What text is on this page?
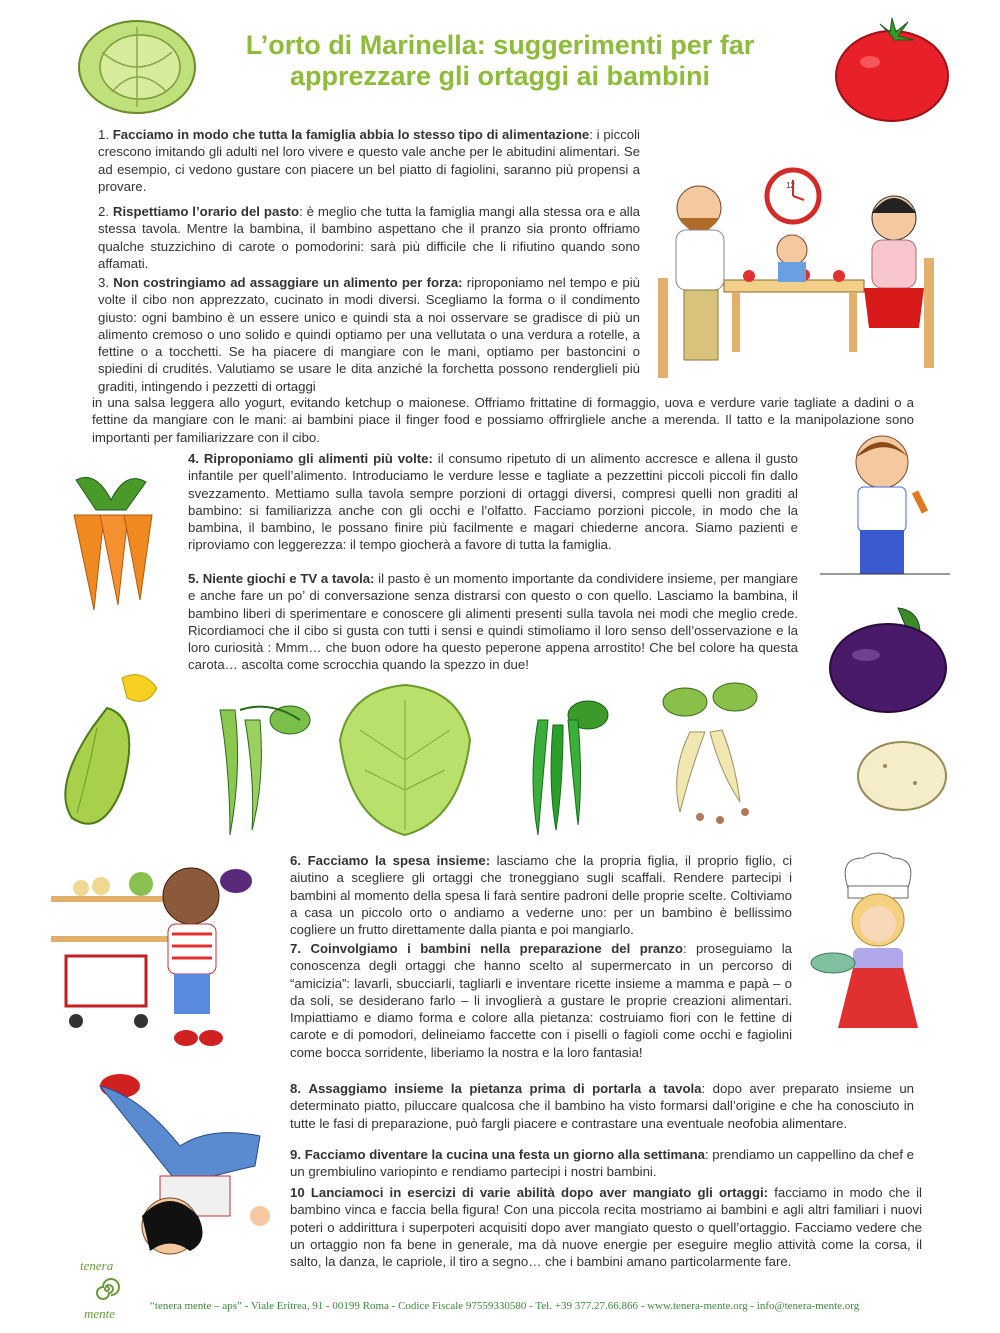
L’orto di Marinella: suggerimenti per far apprezzare gli ortaggi ai bambini

1. Facciamo in modo che tutta la famiglia abbia lo stesso tipo di alimentazione: i piccoli crescono imitando gli adulti nel loro vivere e questo vale anche per le abitudini alimentari. Se ad esempio, ci vedono gustare con piacere un bel piatto di fagiolini, saranno più propensi a provare.	12

2. Rispettiamo l’orario del pasto: è meglio che tutta la famiglia mangi alla stessa ora e alla stessa tavola. Mentre la bambina, il bambino aspettano che il pranzo sia pronto offriamo qualche stuzzichino di carote o pomodorini: sarà più difficile che li rifiutino quando sono affamati.

3. Non costringiamo ad assaggiare un alimento per forza: riproponiamo nel tempo e più volte il cibo non apprezzato, cucinato in modi diversi. Scegliamo la forma o il condimento giusto: ogni bambino è un essere unico e quindi sta a noi osservare se gradisce di più un alimento cremoso o uno solido e quindi optiamo per una vellutata o una verdura a rotelle, a fettine o a tocchetti. Se ha piacere di mangiare con le mani, optiamo per bastoncini o spiedini di crudités. Valutiamo se usare le dita anziché la forchetta possono renderglieli più graditi, intingendo i pezzetti di ortaggi

in una salsa leggera allo yogurt, evitando ketchup o maionese. Offriamo frittatine di formaggio, uova e verdure varie tagliate a dadini o a fettine da mangiare con le mani: ai bambini piace il finger food e possiamo offrirgliele anche a merenda. Il tatto e la manipolazione sono importanti per familiarizzare con il cibo.

4. Riproponiamo gli alimenti più volte: il consumo ripetuto di un alimento accresce e allena il gusto infantile per quell’alimento. Introduciamo le verdure lesse e tagliate a pezzettini piccoli piccoli fin dallo svezzamento. Mettiamo sulla tavola sempre porzioni di ortaggi diversi, compresi quelli non graditi al bambino: si familiarizza anche con gli occhi e l’olfatto. Facciamo porzioni piccole, in modo che la bambina, il bambino, le possano finire più facilmente e magari chiederne ancora. Siamo pazienti e riproviamo con leggerezza: il tempo giocherà a favore di tutta la famiglia.

5. Niente giochi e TV a tavola: il pasto è un momento importante da condividere insieme, per mangiare e anche fare un po’ di conversazione senza distrarsi con questo o con quello. Lasciamo la bambina, il bambino liberi di sperimentare e conoscere gli alimenti presenti sulla tavola nei modi che meglio crede. Ricordiamoci che il cibo si gusta con tutti i sensi e quindi stimoliamo il loro senso dell’osservazione e la loro curiosità : Mmm… che buon odore ha questo peperone appena arrostito! Che bel colore ha questa carota… ascolta come scrocchia quando la spezzo in due!

6. Facciamo la spesa insieme: lasciamo che la propria figlia, il proprio figlio, ci aiutino a scegliere gli ortaggi che troneggiano sugli scaffali. Rendere partecipi i bambini al momento della spesa li farà sentire padroni delle proprie scelte. Coltiviamo a casa un piccolo orto o andiamo a vederne uno: per un bambino è bellissimo cogliere un frutto direttamente dalla pianta e poi mangiarlo.

7. Coinvolgiamo i bambini nella preparazione del pranzo: proseguiamo la conoscenza degli ortaggi che hanno scelto al supermercato in un percorso di “amicizia”: lavarli, sbucciarli, tagliarli e inventare ricette insieme a mamma e papà – o da soli, se desiderano farlo – li invoglierà a gustare le proprie creazioni alimentari. Impiattiamo e diamo forma e colore alla pietanza: costruiamo fiori con le fettine di carote e di pomodori, delineiamo faccette con i piselli o fagioli come occhi e fagiolini come bocca sorridente, liberiamo la nostra e la loro fantasia!

8. Assaggiamo insieme la pietanza prima di portarla a tavola: dopo aver preparato insieme un determinato piatto, piluccare qualcosa che il bambino ha visto formarsi dall’origine e che ha conosciuto in tutte le fasi di preparazione, può fargli piacere e contrastare una eventuale neofobia alimentare.

9. Facciamo diventare la cucina una festa un giorno alla settimana: prendiamo un cappellino da chef e un grembiulino variopinto e rendiamo partecipi i nostri bambini.

10 Lanciamoci in esercizi di varie abilità dopo aver mangiato gli ortaggi: facciamo in modo che il bambino vinca e faccia bella figura! Con una piccola recita mostriamo ai bambini e agli altri familiari i nuovi poteri o addirittura i superpoteri acquisiti dopo aver mangiato questo o quell’ortaggio. Facciamo vedere che un ortaggio non fa bene in generale, ma dà nuove energie per eseguire meglio attività come la corsa, il salto, la danza, le capriole, il tiro a segno… che i bambini amano particolarmente fare.

tenera
mente	“tenera mente – aps” - Viale Eritrea, 91 - 00199 Roma - Codice Fiscale 97559330580 - Tel. +39 377.27.66.866 - www.tenera-mente.org - info@tenera-mente.org
